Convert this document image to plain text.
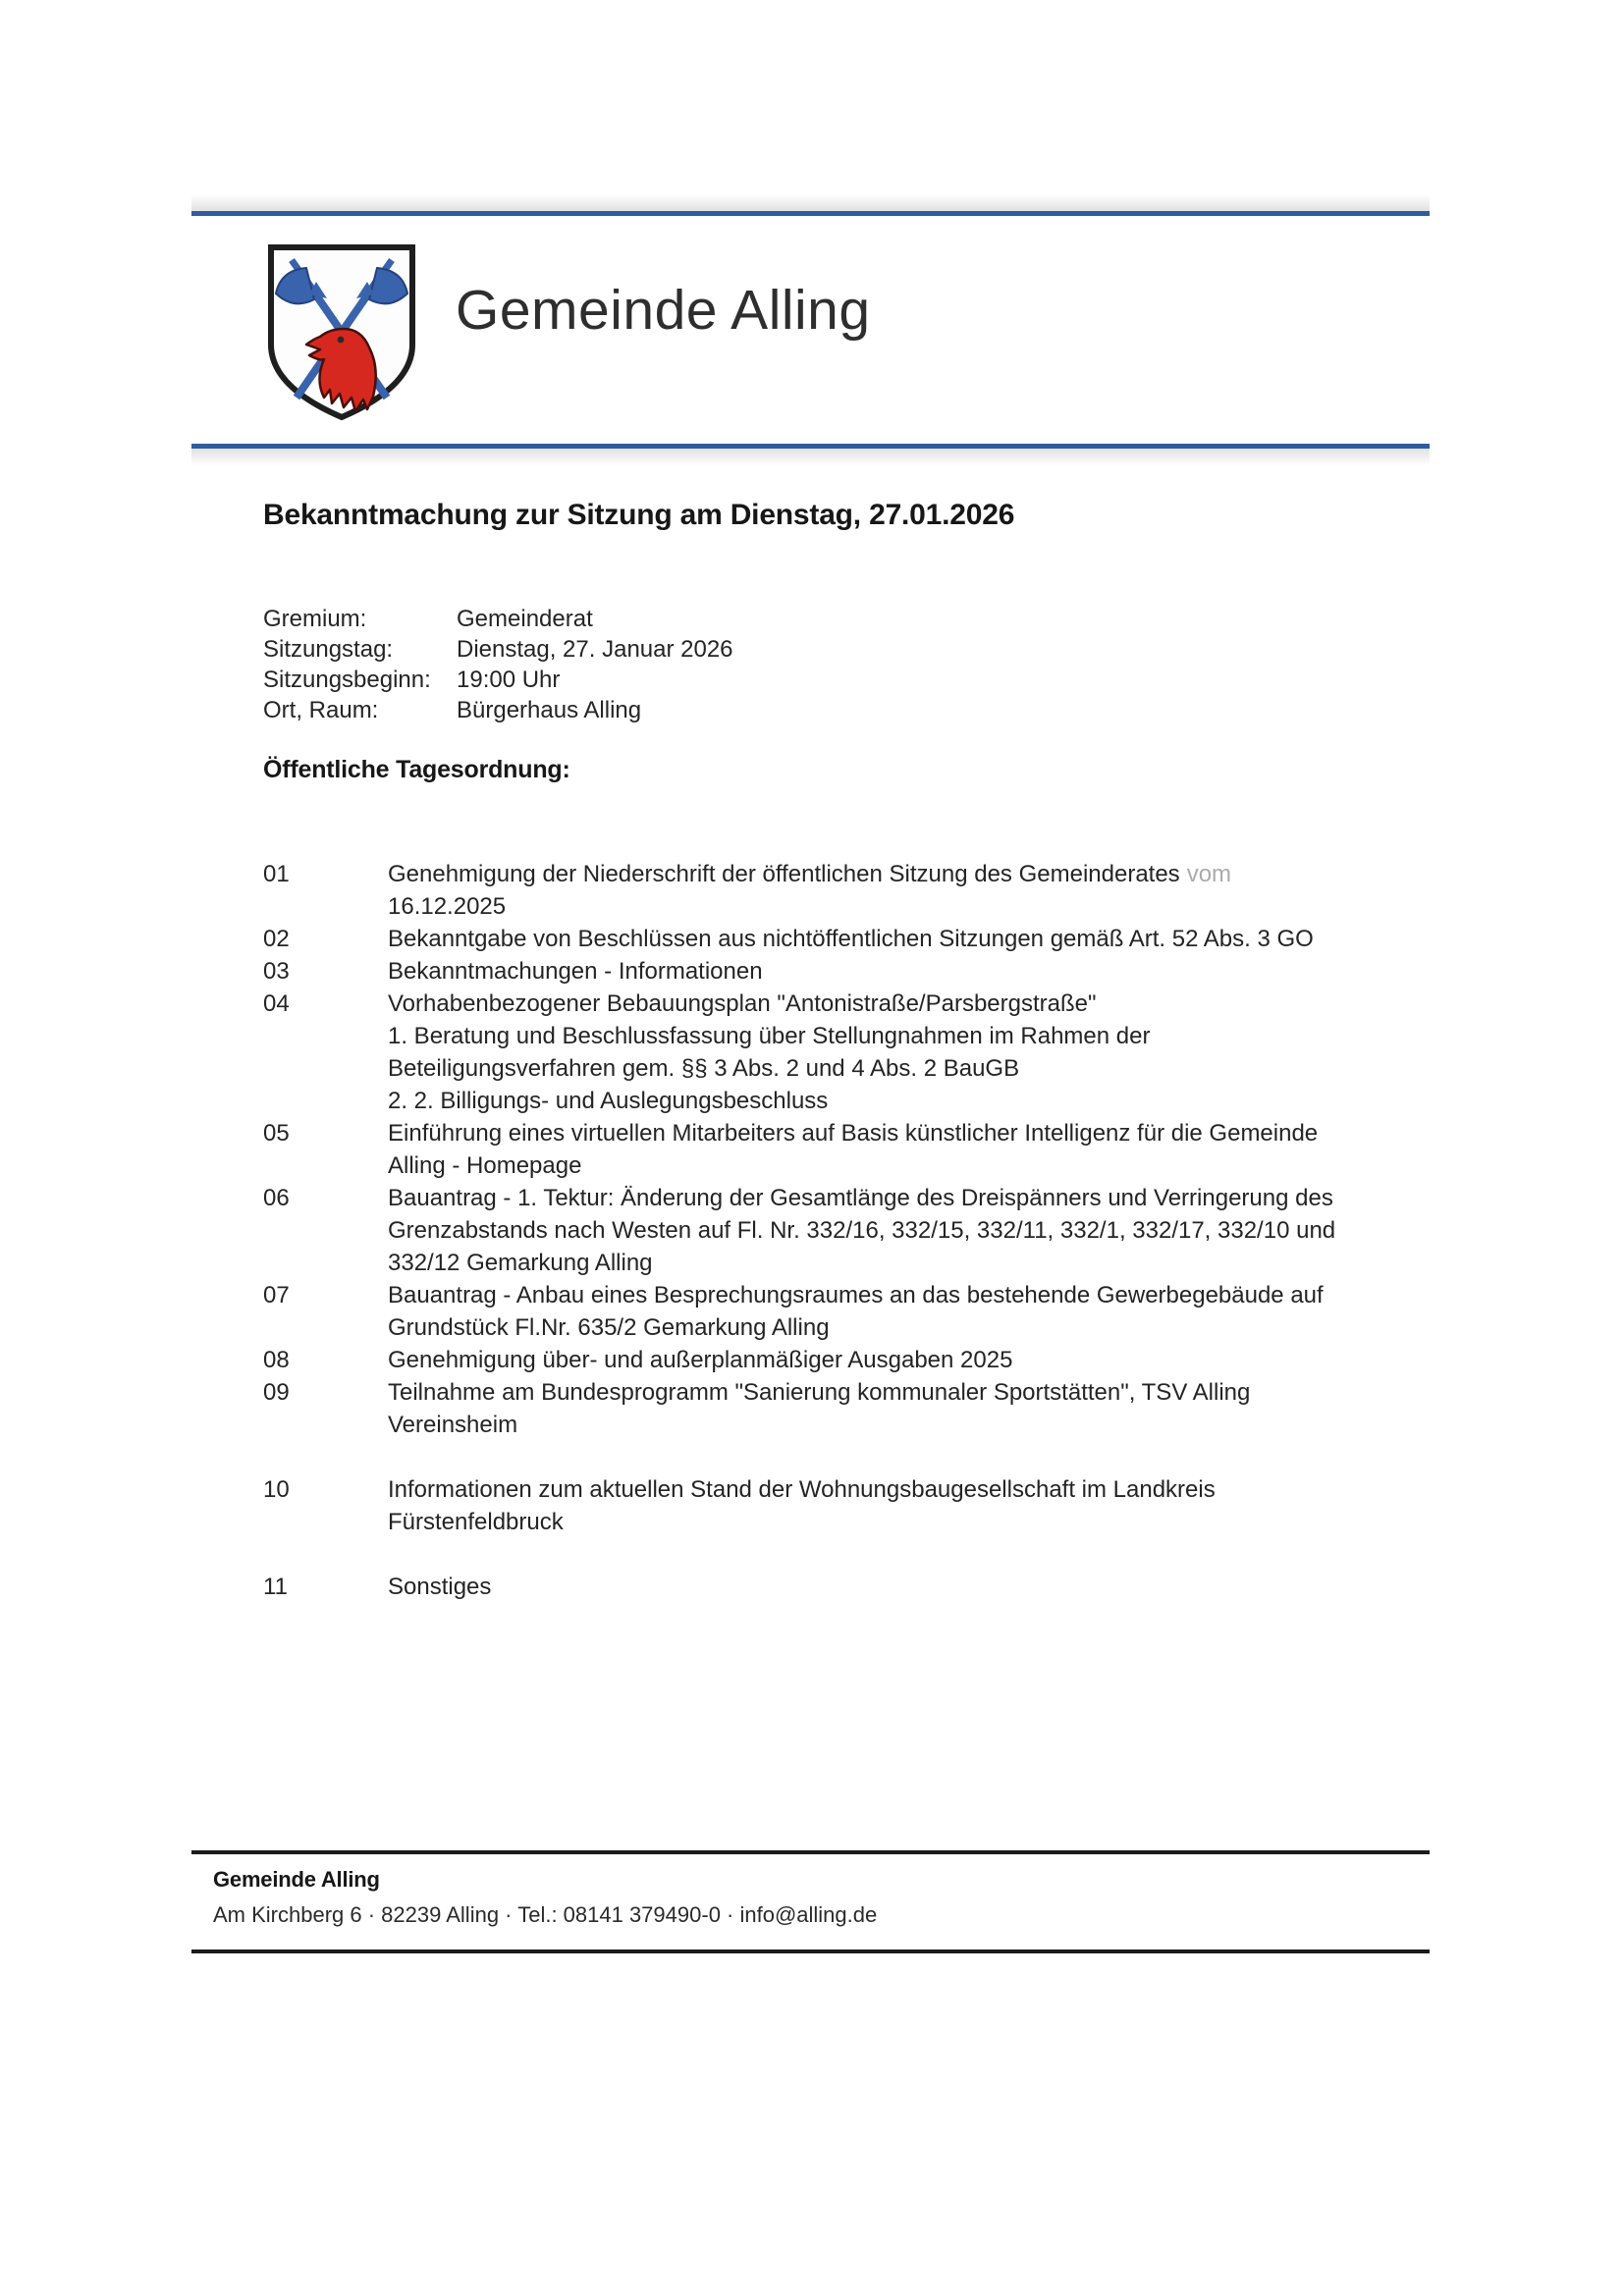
Gemeinde Alling
Bekanntmachung zur Sitzung am Dienstag, 27.01.2026
Gremium:	Gemeinderat
Sitzungstag:	Dienstag, 27. Januar 2026
Sitzungsbeginn:	19:00 Uhr
Ort, Raum:	Bürgerhaus Alling
Öffentliche Tagesordnung:
01	Genehmigung der Niederschrift der öffentlichen Sitzung des Gemeinderates vom
16.12.2025
02	Bekanntgabe von Beschlüssen aus nichtöffentlichen Sitzungen gemäß Art. 52 Abs. 3 GO
03	Bekanntmachungen - Informationen
04	Vorhabenbezogener Bebauungsplan "Antonistraße/Parsbergstraße"
1. Beratung und Beschlussfassung über Stellungnahmen im Rahmen der
Beteiligungsverfahren gem. §§ 3 Abs. 2 und 4 Abs. 2 BauGB
2. 2. Billigungs- und Auslegungsbeschluss
05	Einführung eines virtuellen Mitarbeiters auf Basis künstlicher Intelligenz für die Gemeinde
Alling - Homepage
06	Bauantrag - 1. Tektur: Änderung der Gesamtlänge des Dreispänners und Verringerung des
Grenzabstands nach Westen auf Fl. Nr. 332/16, 332/15, 332/11, 332/1, 332/17, 332/10 und
332/12 Gemarkung Alling
07	Bauantrag - Anbau eines Besprechungsraumes an das bestehende Gewerbegebäude auf
Grundstück Fl.Nr. 635/2 Gemarkung Alling
08	Genehmigung über- und außerplanmäßiger Ausgaben 2025
09	Teilnahme am Bundesprogramm "Sanierung kommunaler Sportstätten", TSV Alling
Vereinsheim
10	Informationen zum aktuellen Stand der Wohnungsbaugesellschaft im Landkreis
Fürstenfeldbruck
11	Sonstiges
Gemeinde Alling
Am Kirchberg 6 · 82239 Alling · Tel.: 08141 379490-0 · info@alling.de
